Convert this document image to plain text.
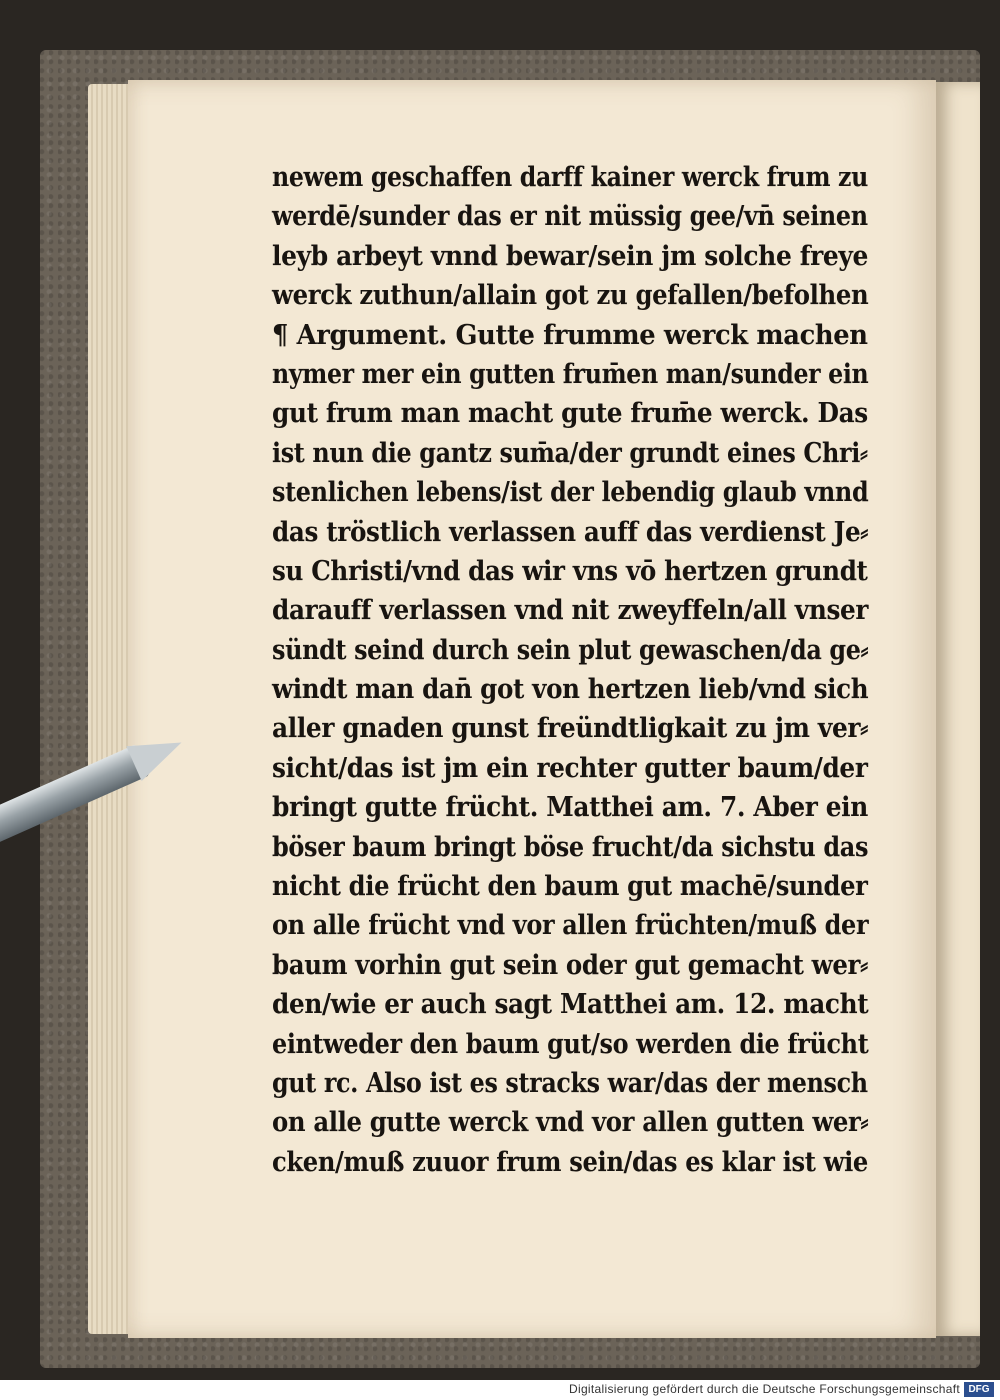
newem geschaffen darff kainer werck frum zu
werdē/sunder das er nit müssig gee/vn̄ seinen
leyb arbeyt vnnd bewar/sein jm solche freye
werck zuthun/allain got zu gefallen/befolhen
¶ Argument. Gutte frumme werck machen
nymer mer ein gutten frum̄en man/sunder ein
gut frum man macht gute frum̄e werck. Das
ist nun die gantz sum̄a/der grundt eines Chri⸗
stenlichen lebens/ist der lebendig glaub vnnd
das tröstlich verlassen auff das verdienst Je⸗
su Christi/vnd das wir vns vō hertzen grundt
darauff verlassen vnd nit zweyffeln/all vnser
sündt seind durch sein plut gewaschen/da ge⸗
windt man dan̄ got von hertzen lieb/vnd sich
aller gnaden gunst freündtligkait zu jm ver⸗
sicht/das ist jm ein rechter gutter baum/der
bringt gutte frücht. Matthei am. 7. Aber ein
böser baum bringt böse frucht/da sichstu das
nicht die frücht den baum gut machē/sunder
on alle frücht vnd vor allen früchten/muß der
baum vorhin gut sein oder gut gemacht wer⸗
den/wie er auch sagt Matthei am. 12. macht
eintweder den baum gut/so werden die frücht
gut rc. Also ist es stracks war/das der mensch
on alle gutte werck vnd vor allen gutten wer⸗
cken/muß zuuor frum sein/das es klar ist wie
Digitalisierung gefördert durch die Deutsche Forschungsgemeinschaft DFG
